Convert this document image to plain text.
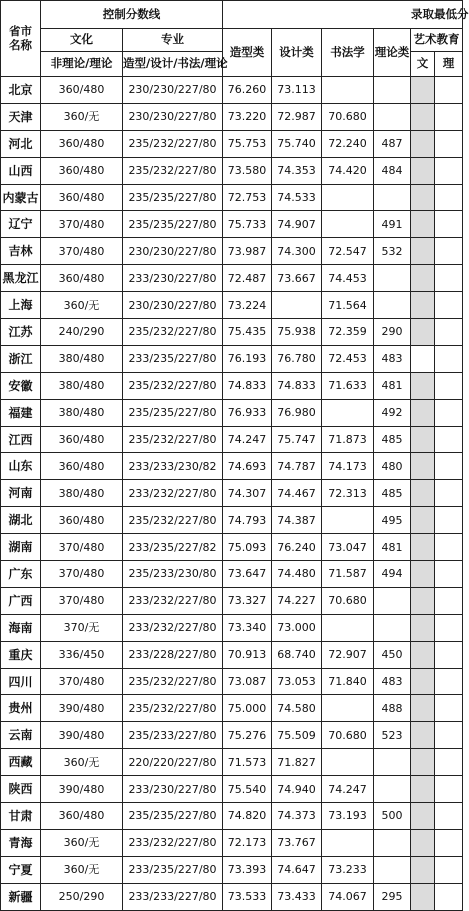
省市
名称	控制分数线						录取最低分	
	文化	专业	造型类	设计类	书法学	理论类	艺术教育	
	非理论/理论	造型/设计/书法/理论					文	理
北京	360/480	230/230/227/80	76.260	73.113				
天津	360/无	230/230/227/80	73.220	72.987	70.680			
河北	360/480	235/232/227/80	75.753	75.740	72.240	487		
山西	360/480	235/232/227/80	73.580	74.353	74.420	484		
内蒙古	360/480	235/235/227/80	72.753	74.533				
辽宁	370/480	235/235/227/80	75.733	74.907		491		
吉林	370/480	230/230/227/80	73.987	74.300	72.547	532		
黑龙江	360/480	233/230/227/80	72.487	73.667	74.453			
上海	360/无	230/230/227/80	73.224		71.564			
江苏	240/290	235/232/227/80	75.435	75.938	72.359	290		
浙江	380/480	233/235/227/80	76.193	76.780	72.453	483		
安徽	380/480	235/232/227/80	74.833	74.833	71.633	481		
福建	380/480	235/235/227/80	76.933	76.980		492		
江西	360/480	235/232/227/80	74.247	75.747	71.873	485		
山东	360/480	233/233/230/82	74.693	74.787	74.173	480		
河南	380/480	233/232/227/80	74.307	74.467	72.313	485		
湖北	360/480	235/232/227/80	74.793	74.387		495		
湖南	370/480	233/235/227/82	75.093	76.240	73.047	481		
广东	370/480	235/233/230/80	73.647	74.480	71.587	494		
广西	370/480	233/232/227/80	73.327	74.227	70.680			
海南	370/无	233/232/227/80	73.340	73.000				
重庆	336/450	233/228/227/80	70.913	68.740	72.907	450		
四川	370/480	235/232/227/80	73.087	73.053	71.840	483		
贵州	390/480	235/232/227/80	75.000	74.580		488		
云南	390/480	235/233/227/80	75.276	75.509	70.680	523		
西藏	360/无	220/220/227/80	71.573	71.827				
陕西	390/480	233/230/227/80	75.540	74.940	74.247			
甘肃	360/480	235/235/227/80	74.820	74.373	73.193	500		
青海	360/无	233/232/227/80	72.173	73.767				
宁夏	360/无	233/235/227/80	73.393	74.647	73.233			
新疆	250/290	233/233/227/80	73.533	73.433	74.067	295		
